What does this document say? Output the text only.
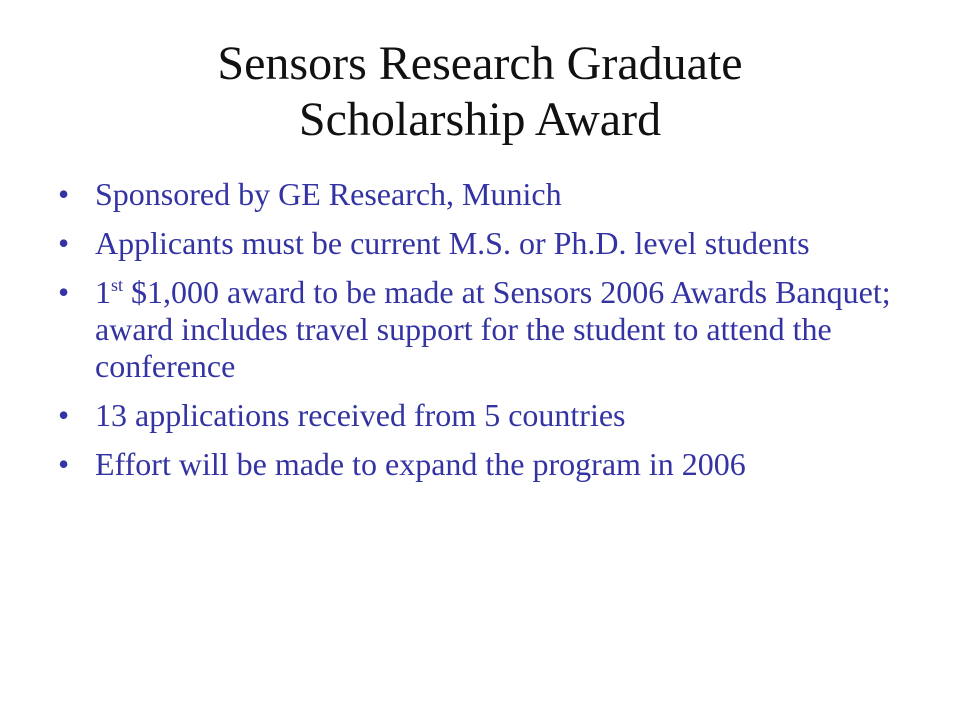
Sensors Research Graduate
Scholarship Award
• Sponsored by GE Research, Munich
• Applicants must be current M.S. or Ph.D. level students
• 1st $1,000 award to be made at Sensors 2006 Awards Banquet; award includes travel support for the student to attend the conference
• 13 applications received from 5 countries
• Effort will be made to expand the program in 2006
